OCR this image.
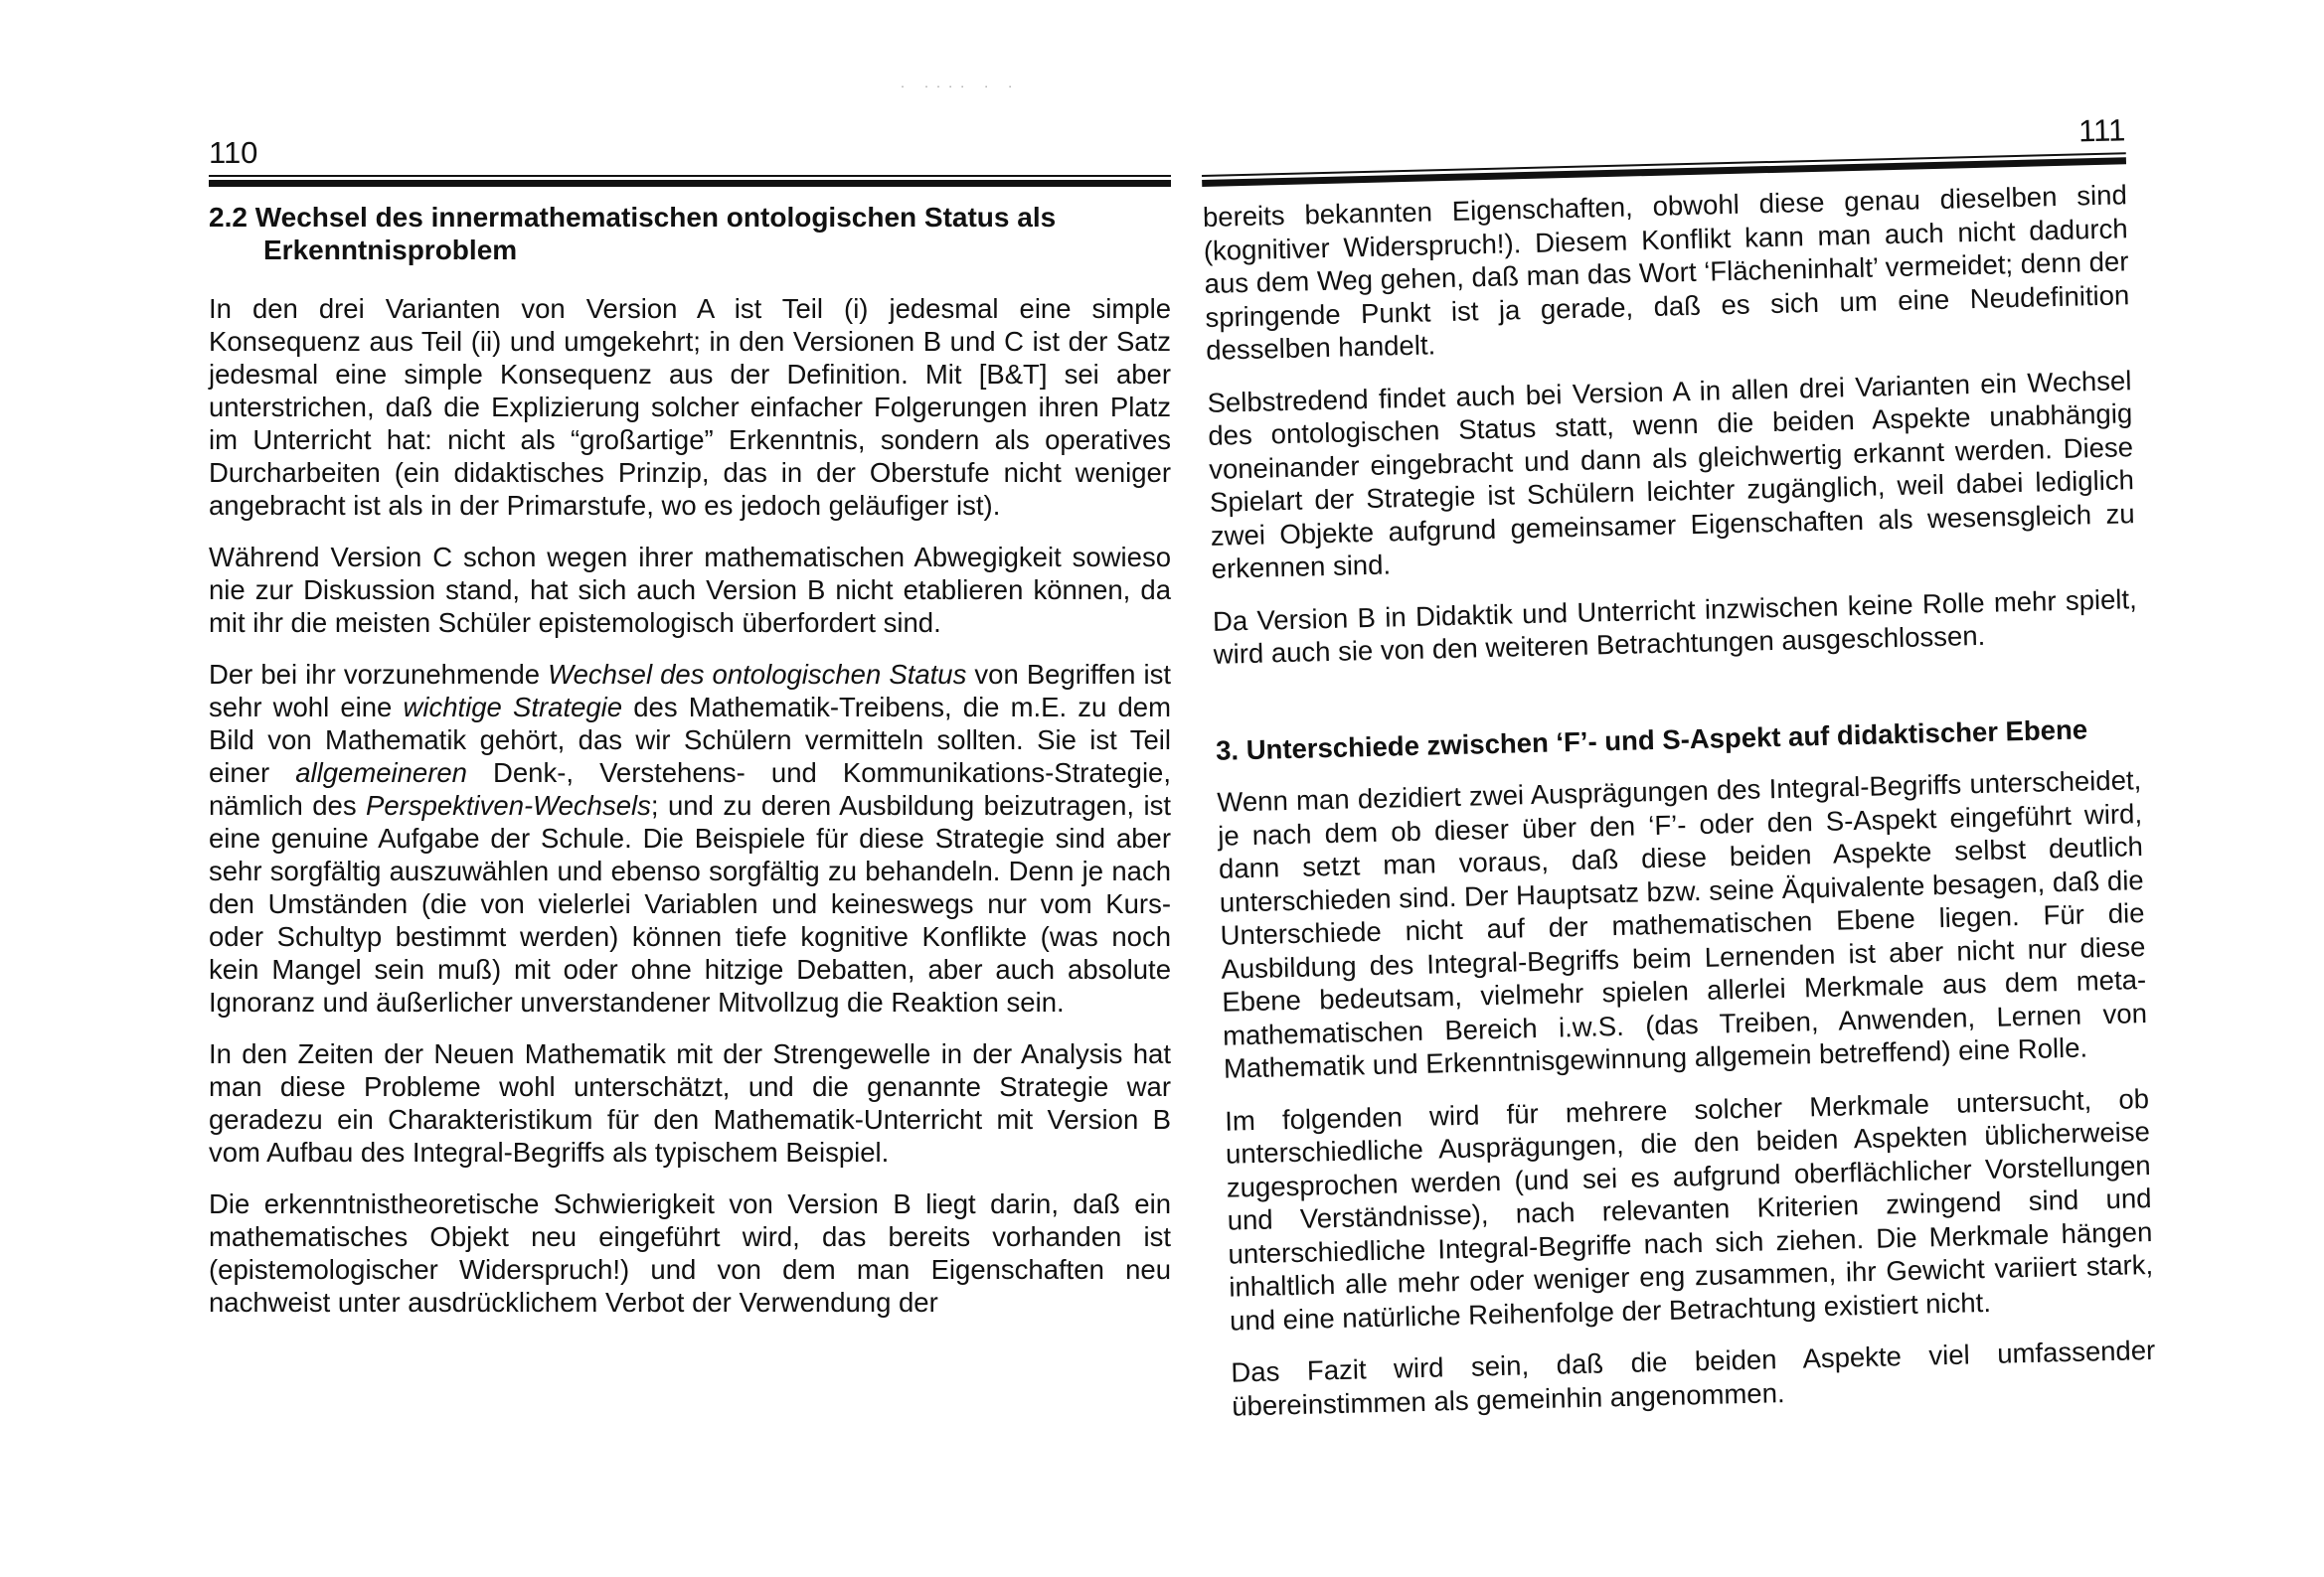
. .... . .
110

2.2 Wechsel des innermathematischen ontologischen Status als Erkenntnisproblem

In den drei Varianten von Version A ist Teil (i) jedesmal eine simple Konsequenz aus Teil (ii) und umgekehrt; in den Versionen B und C ist der Satz jedesmal eine simple Konsequenz aus der Definition. Mit [B&T] sei aber unterstrichen, daß die Explizierung solcher einfacher Folgerungen ihren Platz im Unterricht hat: nicht als “großartige” Erkenntnis, sondern als operatives Durcharbeiten (ein didaktisches Prinzip, das in der Oberstufe nicht weniger angebracht ist als in der Primarstufe, wo es jedoch geläufiger ist).

Während Version C schon wegen ihrer mathematischen Abwegigkeit sowieso nie zur Diskussion stand, hat sich auch Version B nicht etablieren können, da mit ihr die meisten Schüler epistemologisch überfordert sind.

Der bei ihr vorzunehmende Wechsel des ontologischen Status von Begriffen ist sehr wohl eine wichtige Strategie des Mathematik-Treibens, die m.E. zu dem Bild von Mathematik gehört, das wir Schülern vermitteln sollten. Sie ist Teil einer allgemeineren Denk-, Verstehens- und Kommunikations-Strategie, nämlich des Perspektiven-Wechsels; und zu deren Ausbildung beizutragen, ist eine genuine Aufgabe der Schule. Die Beispiele für diese Strategie sind aber sehr sorgfältig auszuwählen und ebenso sorgfältig zu behandeln. Denn je nach den Umständen (die von vielerlei Variablen und keineswegs nur vom Kurs- oder Schultyp bestimmt werden) können tiefe kognitive Konflikte (was noch kein Mangel sein muß) mit oder ohne hitzige Debatten, aber auch absolute Ignoranz und äußerlicher unverstandener Mitvollzug die Reaktion sein.

In den Zeiten der Neuen Mathematik mit der Strengewelle in der Analysis hat man diese Probleme wohl unterschätzt, und die genannte Strategie war geradezu ein Charakteristikum für den Mathematik-Unterricht mit Version B vom Aufbau des Integral-Begriffs als typischem Beispiel.

Die erkenntnistheoretische Schwierigkeit von Version B liegt darin, daß ein mathematisches Objekt neu eingeführt wird, das bereits vorhanden ist (epistemologischer Widerspruch!) und von dem man Eigenschaften neu nachweist unter ausdrücklichem Verbot der Verwendung der

111

bereits bekannten Eigenschaften, obwohl diese genau dieselben sind (kognitiver Widerspruch!). Diesem Konflikt kann man auch nicht dadurch aus dem Weg gehen, daß man das Wort ‘Flächeninhalt’ vermeidet; denn der springende Punkt ist ja gerade, daß es sich um eine Neudefinition desselben handelt.

Selbstredend findet auch bei Version A in allen drei Varianten ein Wechsel des ontologischen Status statt, wenn die beiden Aspekte unabhängig voneinander eingebracht und dann als gleichwertig erkannt werden. Diese Spielart der Strategie ist Schülern leichter zugänglich, weil dabei lediglich zwei Objekte aufgrund gemeinsamer Eigenschaften als wesensgleich zu erkennen sind.

Da Version B in Didaktik und Unterricht inzwischen keine Rolle mehr spielt, wird auch sie von den weiteren Betrachtungen ausgeschlossen.

3. Unterschiede zwischen ‘F’- und S-Aspekt auf didaktischer Ebene

Wenn man dezidiert zwei Ausprägungen des Integral-Begriffs unterscheidet, je nach dem ob dieser über den ‘F’- oder den S-Aspekt eingeführt wird, dann setzt man voraus, daß diese beiden Aspekte selbst deutlich unterschieden sind. Der Hauptsatz bzw. seine Äquivalente besagen, daß die Unterschiede nicht auf der mathematischen Ebene liegen. Für die Ausbildung des Integral-Begriffs beim Lernenden ist aber nicht nur diese Ebene bedeutsam, vielmehr spielen allerlei Merkmale aus dem meta-mathematischen Bereich i.w.S. (das Treiben, Anwenden, Lernen von Mathematik und Erkenntnisgewinnung allgemein betreffend) eine Rolle.

Im folgenden wird für mehrere solcher Merkmale untersucht, ob unterschiedliche Ausprägungen, die den beiden Aspekten üblicherweise zugesprochen werden (und sei es aufgrund oberflächlicher Vorstellungen und Verständnisse), nach relevanten Kriterien zwingend sind und unterschiedliche Integral-Begriffe nach sich ziehen. Die Merkmale hängen inhaltlich alle mehr oder weniger eng zusammen, ihr Gewicht variiert stark, und eine natürliche Reihenfolge der Betrachtung existiert nicht.

Das Fazit wird sein, daß die beiden Aspekte viel umfassender übereinstimmen als gemeinhin angenommen.
